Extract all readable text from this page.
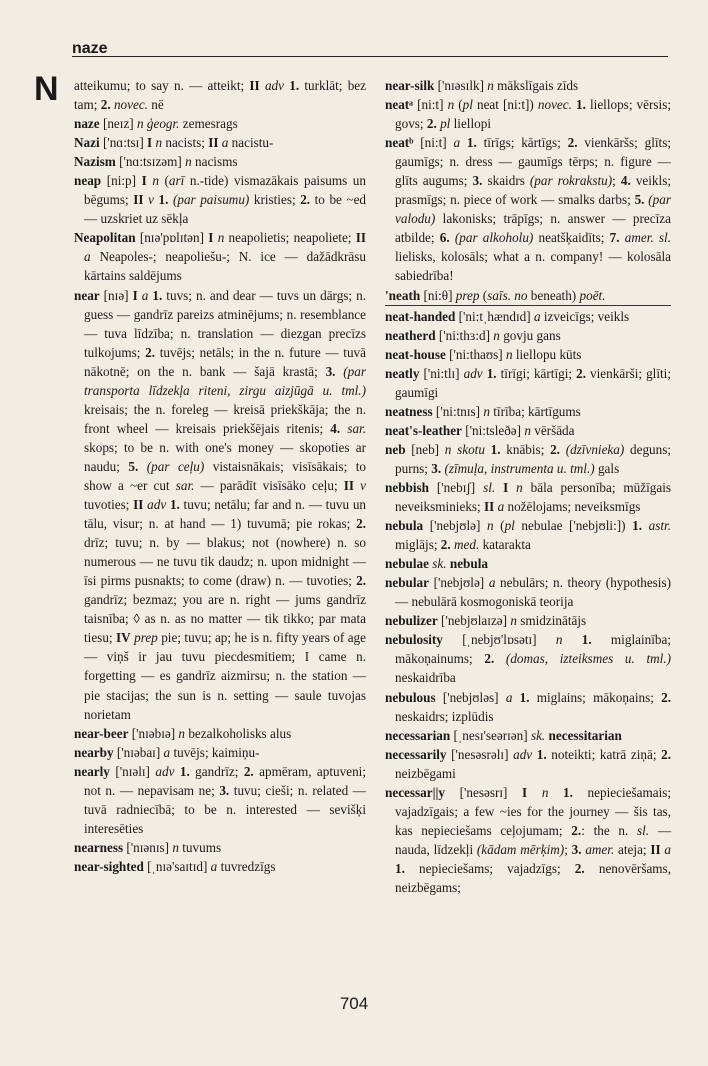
naze
N atteikumu; to say n. — atteikt; II adv 1. turklāt; bez tam; 2. novec. nē

naze [neɪz] n ģeogr. zemesrags

Nazi ['nɑ:tsɪ] I n nacists; II a nacistu-

Nazism ['nɑ:tsɪzəm] n nacisms

neap [ni:p] I n (arī n.-tide) vismazākais paisums un bēgums; II v 1. (par paisumu) kristies; 2. to be ~ed — uzskriet uz sēkļa

Neapolitan [nɪə'pɒlɪtən] I n neapolietis; neapoliete; II a Neapoles-; neapoliešu-; N. ice — dažādkrāsu kārtains saldējums

near [nɪə] I a 1. tuvs; n. and dear — tuvs un dārgs; n. guess — gandrīz pareizs atminējums; n. resemblance — tuva līdzība; n. translation — diezgan precīzs tulkojums; 2. tuvējs; netāls; in the n. future — tuvā nākotnē; on the n. bank — šajā krastā; 3. (par transporta līdzekļa riteni, zirgu aizjūgā u. tml.) kreisais; the n. foreleg — kreisā priekškāja; the n. front wheel — kreisais priekšējais ritenis; 4. sar. skops; to be n. with one's money — skopoties ar naudu; 5. (par ceļu) vistaisnākais; visīsākais; to show a ~er cut sar. — parādīt visīsāko ceļu; II v tuvoties; II adv 1. tuvu; netālu; far and n. — tuvu un tālu, visur; n. at hand — 1) tuvumā; pie rokas; 2. drīz; tuvu; n. by — blakus; not (nowhere) n. so numerous — ne tuvu tik daudz; n. upon midnight — īsi pirms pusnakts; to come (draw) n. — tuvoties; 2. gandrīz; bezmaz; you are n. right — jums gandrīz taisnība; ◊ as n. as no matter — tik tikko; par mata tiesu; IV prep pie; tuvu; ap; he is n. fifty years of age — viņš ir jau tuvu piecdesmitiem; I came n. forgetting — es gandrīz aizmirsu; n. the station — pie stacijas; the sun is n. setting — saule tuvojas norietam

near-beer ['nɪəbɪə] n bezalkoholisks alus

nearby ['nɪəbaɪ] a tuvējs; kaimiņu-

nearly ['nɪəlɪ] adv 1. gandrīz; 2. apmēram, aptuveni; not n. — nepavisam ne; 3. tuvu; cieši; n. related — tuvā radniecībā; to be n. interested — sevišķi interesēties

nearness ['nɪənɪs] n tuvums

near-sighted [ˌnɪə'saɪtɪd] a tuvredzīgs

near-silk ['nɪəsɪlk] n mākslīgais zīds

neatᵃ [ni:t] n (pl neat [ni:t]) novec. 1. liellops; vērsis; govs; 2. pl liellopi

neatᵇ [ni:t] a 1. tīrīgs; kārtīgs; 2. vienkāršs; glīts; gaumīgs; n. dress — gaumīgs tērps; n. figure — glīts augums; 3. skaidrs (par rokrakstu); 4. veikls; prasmīgs; n. piece of work — smalks darbs; 5. (par valodu) lakonisks; trāpīgs; n. answer — precīza atbilde; 6. (par alkoholu) neatšķaidīts; 7. amer. sl. lielisks, kolosāls; what a n. company! — kolosāla sabiedrība!

'neath [ni:θ] prep (saīs. no beneath) poēt.

neat-handed ['ni:tˌhændɪd] a izveicīgs; veikls

neatherd ['ni:thɜ:d] n govju gans

neat-house ['ni:thaʊs] n liellopu kūts

neatly ['ni:tlɪ] adv 1. tīrīgi; kārtīgi; 2. vienkārši; glīti; gaumīgi

neatness ['ni:tnɪs] n tīrība; kārtīgums

neat's-leather ['ni:tsleðə] n vēršāda

neb [neb] n skotu 1. knābis; 2. (dzīvnieka) deguns; purns; 3. (zīmuļa, instrumenta u. tml.) gals

nebbish ['nebɪʃ] sl. I n bāla personība; mūžīgais neveiksminieks; II a nožēlojams; neveiksmīgs

nebula ['nebjʊlə] n (pl nebulae ['nebjʊli:]) 1. astr. miglājs; 2. med. katarakta

nebulae sk. nebula

nebular ['nebjʊlə] a nebulārs; n. theory (hypothesis) — nebulārā kosmogoniskā teorija

nebulizer ['nebjʊlaɪzə] n smidzinātājs

nebulosity [ˌnebjʊ'lɒsətɪ] n 1. miglainība; mākoņainums; 2. (domas, izteiksmes u. tml.) neskaidrība

nebulous ['nebjʊləs] a 1. miglains; mākoņains; 2. neskaidrs; izplūdis

necessarian [ˌnesɪ'seərɪən] sk. necessitarian

necessarily ['nesəsrəlɪ] adv 1. noteikti; katrā ziņā; 2. neizbēgami

necessar||y ['nesəsrɪ] I n 1. nepieciešamais; vajadzīgais; a few ~ies for the journey — šis tas, kas nepieciešams ceļojumam; 2.: the n. sl. — nauda, līdzekļi (kādam mērķim); 3. amer. ateja; II a 1. nepieciešams; vajadzīgs; 2. nenovēršams, neizbēgams;

704
